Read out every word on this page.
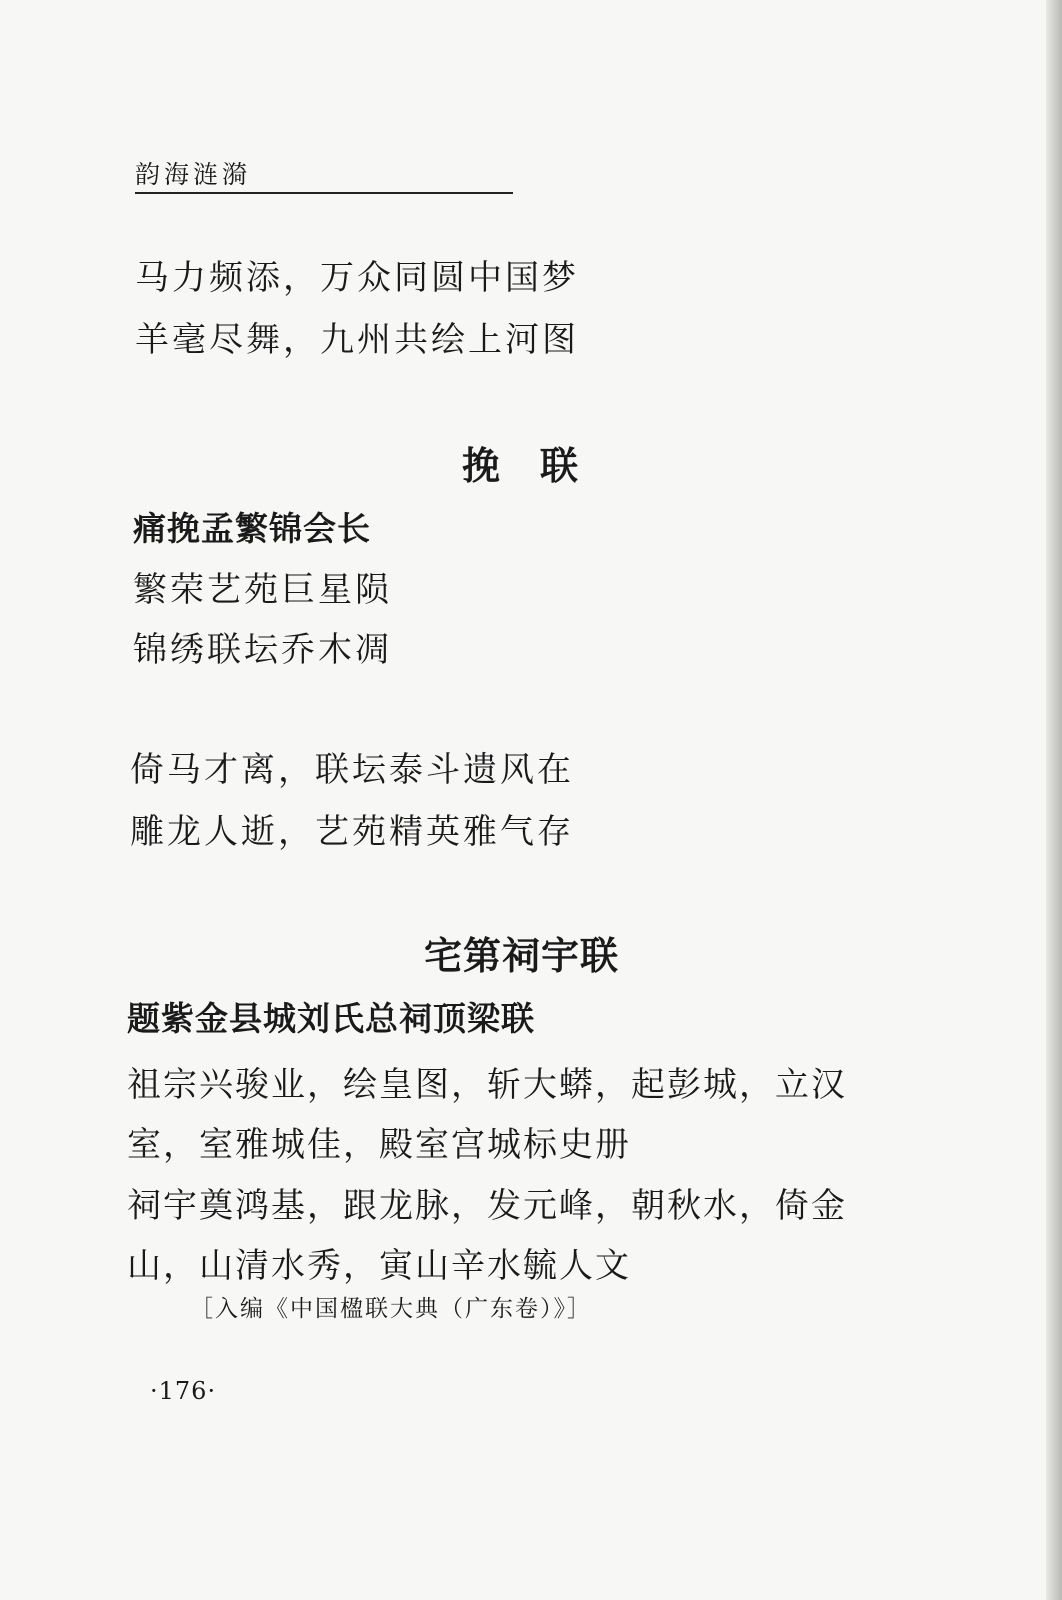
韵海涟漪
马力频添，万众同圆中国梦
羊毫尽舞，九州共绘上河图
挽　联
痛挽孟繁锦会长
繁荣艺苑巨星陨
锦绣联坛乔木凋
倚马才离，联坛泰斗遗风在
雕龙人逝，艺苑精英雅气存
宅第祠宇联
题紫金县城刘氏总祠顶梁联
祖宗兴骏业，绘皇图，斩大蟒，起彭城，立汉
室，室雅城佳，殿室宫城标史册
祠宇奠鸿基，跟龙脉，发元峰，朝秋水，倚金
山，山清水秀，寅山辛水毓人文
［入编《中国楹联大典（广东卷）》］
·176·
